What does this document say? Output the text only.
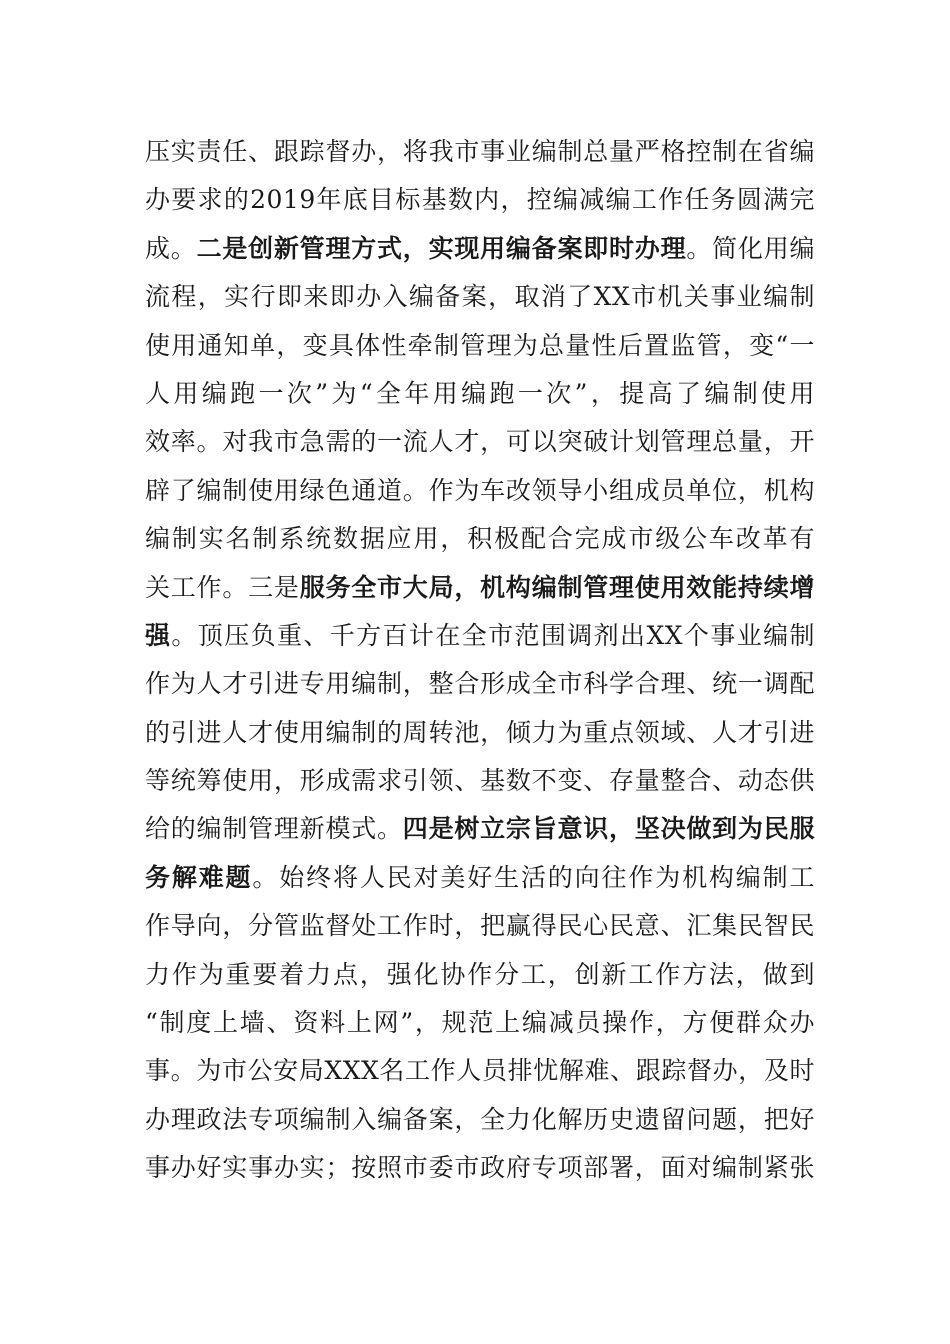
压实责任、跟踪督办，将我市事业编制总量严格控制在省编
办要求的2019年底目标基数内，控编减编工作任务圆满完
成。二是创新管理方式，实现用编备案即时办理。简化用编
流程，实行即来即办入编备案，取消了XX市机关事业编制
使用通知单，变具体性牵制管理为总量性后置监管，变“一
人用编跑一次”为“全年用编跑一次”，提高了编制使用
效率。对我市急需的一流人才，可以突破计划管理总量，开
辟了编制使用绿色通道。作为车改领导小组成员单位，机构
编制实名制系统数据应用，积极配合完成市级公车改革有
关工作。三是服务全市大局，机构编制管理使用效能持续增
强。顶压负重、千方百计在全市范围调剂出XX个事业编制
作为人才引进专用编制，整合形成全市科学合理、统一调配
的引进人才使用编制的周转池，倾力为重点领域、人才引进
等统筹使用，形成需求引领、基数不变、存量整合、动态供
给的编制管理新模式。四是树立宗旨意识，坚决做到为民服
务解难题。始终将人民对美好生活的向往作为机构编制工
作导向，分管监督处工作时，把赢得民心民意、汇集民智民
力作为重要着力点，强化协作分工，创新工作方法，做到
“制度上墙、资料上网”，规范上编减员操作，方便群众办
事。为市公安局XXX名工作人员排忧解难、跟踪督办，及时
办理政法专项编制入编备案，全力化解历史遗留问题，把好
事办好实事办实；按照市委市政府专项部署，面对编制紧张
